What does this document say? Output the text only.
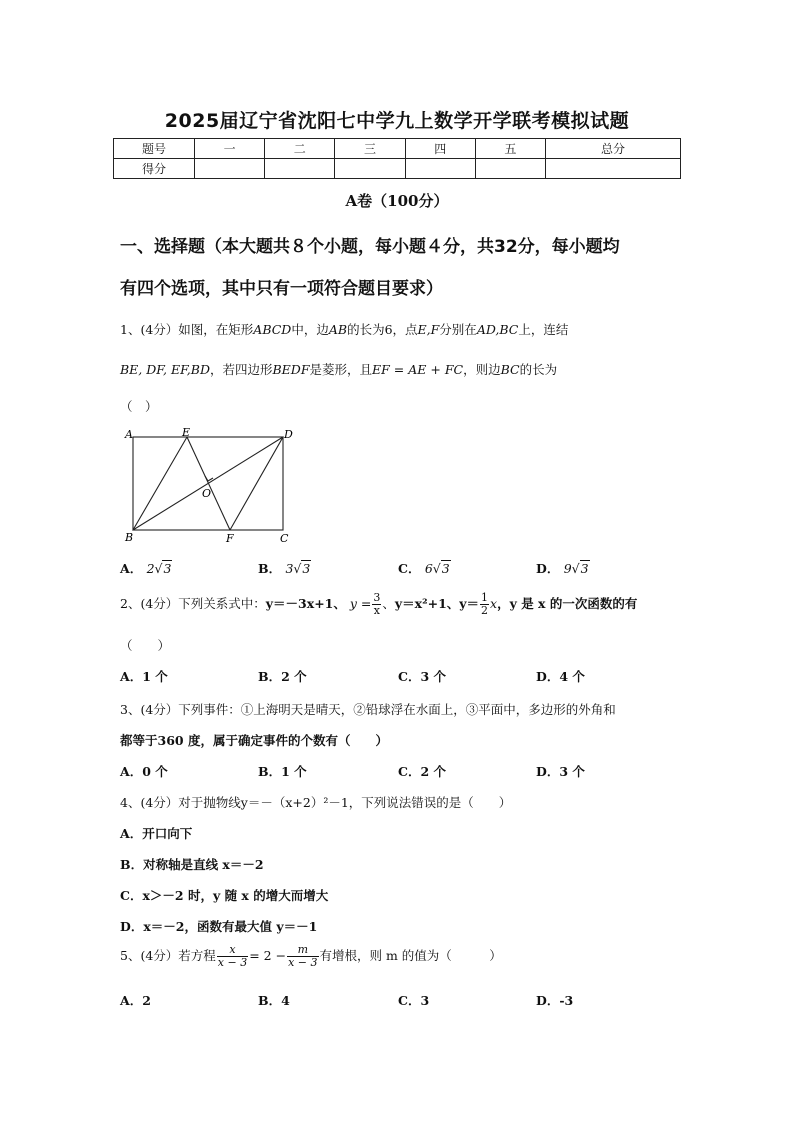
2025届辽宁省沈阳七中学九上数学开学联考模拟试题
题号	一	二	三	四	五	总分
得分						
A卷（100分）
一、选择题（本大题共８个小题，每小题４分，共32分，每小题均
有四个选项，其中只有一项符合题目要求）
1、(4分）如图，在矩形ABCD中，边AB的长为6，点E,F分别在AD,BC上，连结
BE, DF, EF,BD，若四边形BEDF是菱形，且EF = AE + FC，则边BC的长为
（　）
A	E	D
O
B	F	C
A． 2√3	B． 3√3	C． 6√3	D． 9√3
2、(4分）下列关系式中：y＝－3x+1、 $y = \frac{3}{x}$ 、y＝x²+1、$y= \frac{1}{2}$ x，y 是 x 的一次函数的有
（　　）
A．1 个	B．2 个	C．3 个	D．4 个
3、(4分）下列事件：①上海明天是晴天，②铅球浮在水面上，③平面中，多边形的外角和
都等于360 度，属于确定事件的个数有（　　）
A．0 个	B．1 个	C．2 个	D．3 个
4、(4分）对于抛物线y＝－（x+2）²－1，下列说法错误的是（　　）
A．开口向下
B．对称轴是直线 x＝－2
C．x＞－2 时，y 随 x 的增大而增大
D．x＝－2，函数有最大值 y＝－1
5、(4分）若方程 $\frac{x}{x - 3} = 2 - \frac{m}{x - 3}$ 有增根，则 m 的值为（　　　）
A．2	B．4	C．3	D．-3
